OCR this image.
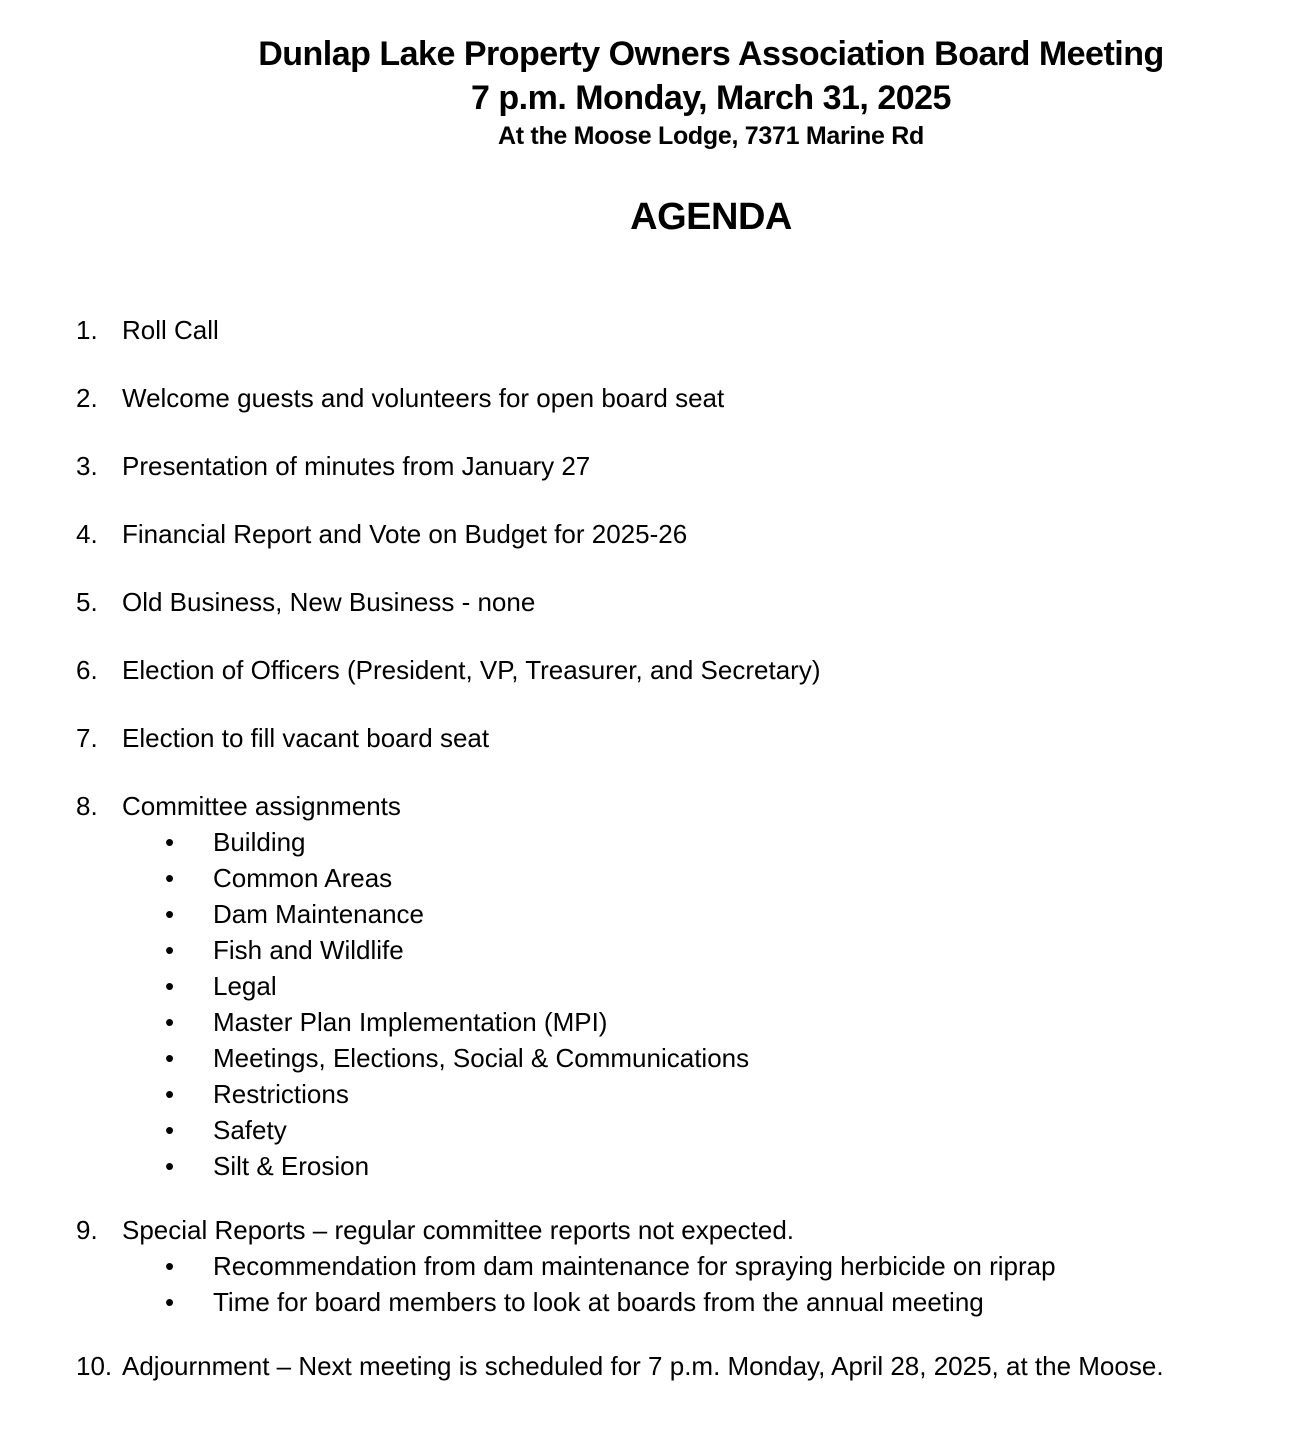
Dunlap Lake Property Owners Association Board Meeting
7 p.m. Monday, March 31, 2025
At the Moose Lodge, 7371 Marine Rd
AGENDA
1. Roll Call
2. Welcome guests and volunteers for open board seat
3. Presentation of minutes from January 27
4. Financial Report and Vote on Budget for 2025-26
5. Old Business, New Business - none
6. Election of Officers (President, VP, Treasurer, and Secretary)
7. Election to fill vacant board seat
8. Committee assignments
•	Building
•	Common Areas
•	Dam Maintenance
•	Fish and Wildlife
•	Legal
•	Master Plan Implementation (MPI)
•	Meetings, Elections, Social & Communications
•	Restrictions
•	Safety
•	Silt & Erosion
9. Special Reports – regular committee reports not expected.
•	Recommendation from dam maintenance for spraying herbicide on riprap
•	Time for board members to look at boards from the annual meeting
10. Adjournment – Next meeting is scheduled for 7 p.m. Monday, April 28, 2025, at the Moose.
